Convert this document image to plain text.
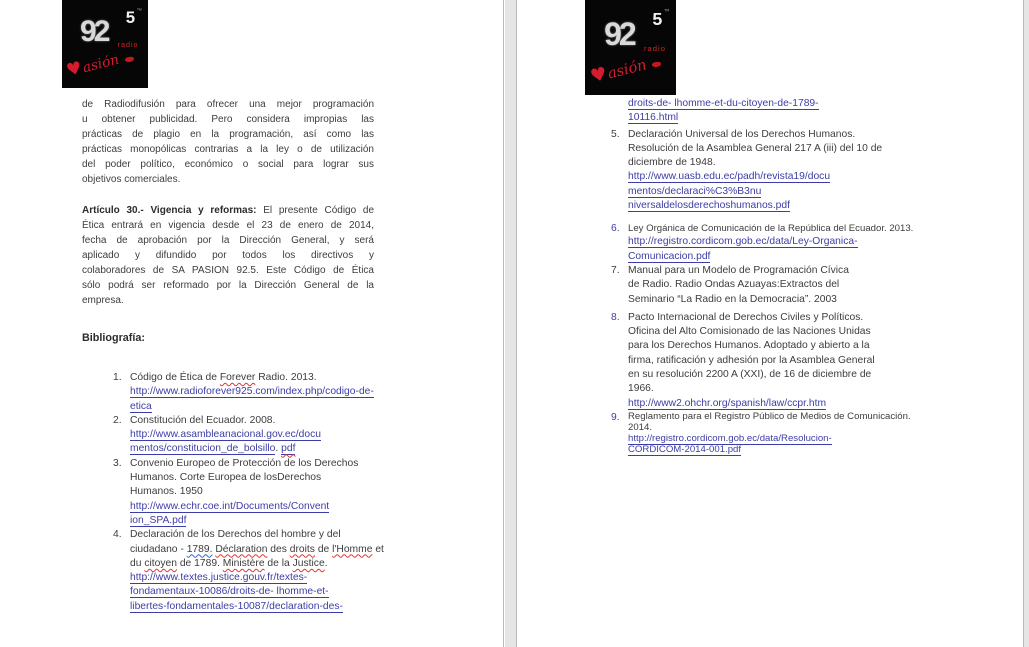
92 5 ™
radio
♥asión
de Radiodifusión para ofrecer una mejor programación
u obtener publicidad. Pero considera impropias las
prácticas de plagio en la programación, así como las
prácticas monopólicas contrarias a la ley o de utilización
del poder político, económico o social para lograr sus
objetivos comerciales.
Artículo 30.- Vigencia y reformas: El presente Código de
Ética entrará en vigencia desde el 23 de enero de 2014,
fecha de aprobación por la Dirección General, y será
aplicado y difundido por todos los directivos y
colaboradores de SA PASION 92.5. Este Código de Ética
sólo podrá ser reformado por la Dirección General de la
empresa.
Bibliografía:
1. Código de Ética de Forever Radio. 2013.
http://www.radioforever925.com/index.php/codigo-de-
etica
2. Constitución del Ecuador. 2008.
http://www.asambleanacional.gov.ec/docu
mentos/constitucion_de_bolsillo. pdf
3. Convenio Europeo de Protección de los Derechos
Humanos. Corte Europea de losDerechos
Humanos. 1950
http://www.echr.coe.int/Documents/Convent
ion_SPA.pdf
4. Declaración de los Derechos del hombre y del
ciudadano - 1789. Déclaration des droits de l'Homme et
du citoyen de 1789. Ministère de la Justice.
http://www.textes.justice.gouv.fr/textes-
fondamentaux-10086/droits-de- lhomme-et-
libertes-fondamentales-10087/declaration-des-
92 5 ™
radio
♥asión
droits-de- lhomme-et-du-citoyen-de-1789-
10116.html
5. Declaración Universal de los Derechos Humanos.
Resolución de la Asamblea General 217 A (iii) del 10 de
diciembre de 1948.
http://www.uasb.edu.ec/padh/revista19/docu
mentos/declaraci%C3%B3nu
niversaldelosderechoshumanos.pdf
6. Ley Orgánica de Comunicación de la República del Ecuador. 2013.
http://registro.cordicom.gob.ec/data/Ley-Organica-
Comunicacion.pdf
7. Manual para un Modelo de Programación Cívica
de Radio. Radio Ondas Azuayas:Extractos del
Seminario “La Radio en la Democracia”. 2003
8. Pacto Internacional de Derechos Civiles y Políticos.
Oficina del Alto Comisionado de las Naciones Unidas
para los Derechos Humanos. Adoptado y abierto a la
firma, ratificación y adhesión por la Asamblea General
en su resolución 2200 A (XXI), de 16 de diciembre de
1966.
http://www2.ohchr.org/spanish/law/ccpr.htm
9. Reglamento para el Registro Público de Medios de Comunicación.
2014.
http://registro.cordicom.gob.ec/data/Resolucion-
CORDICOM-2014-001.pdf
